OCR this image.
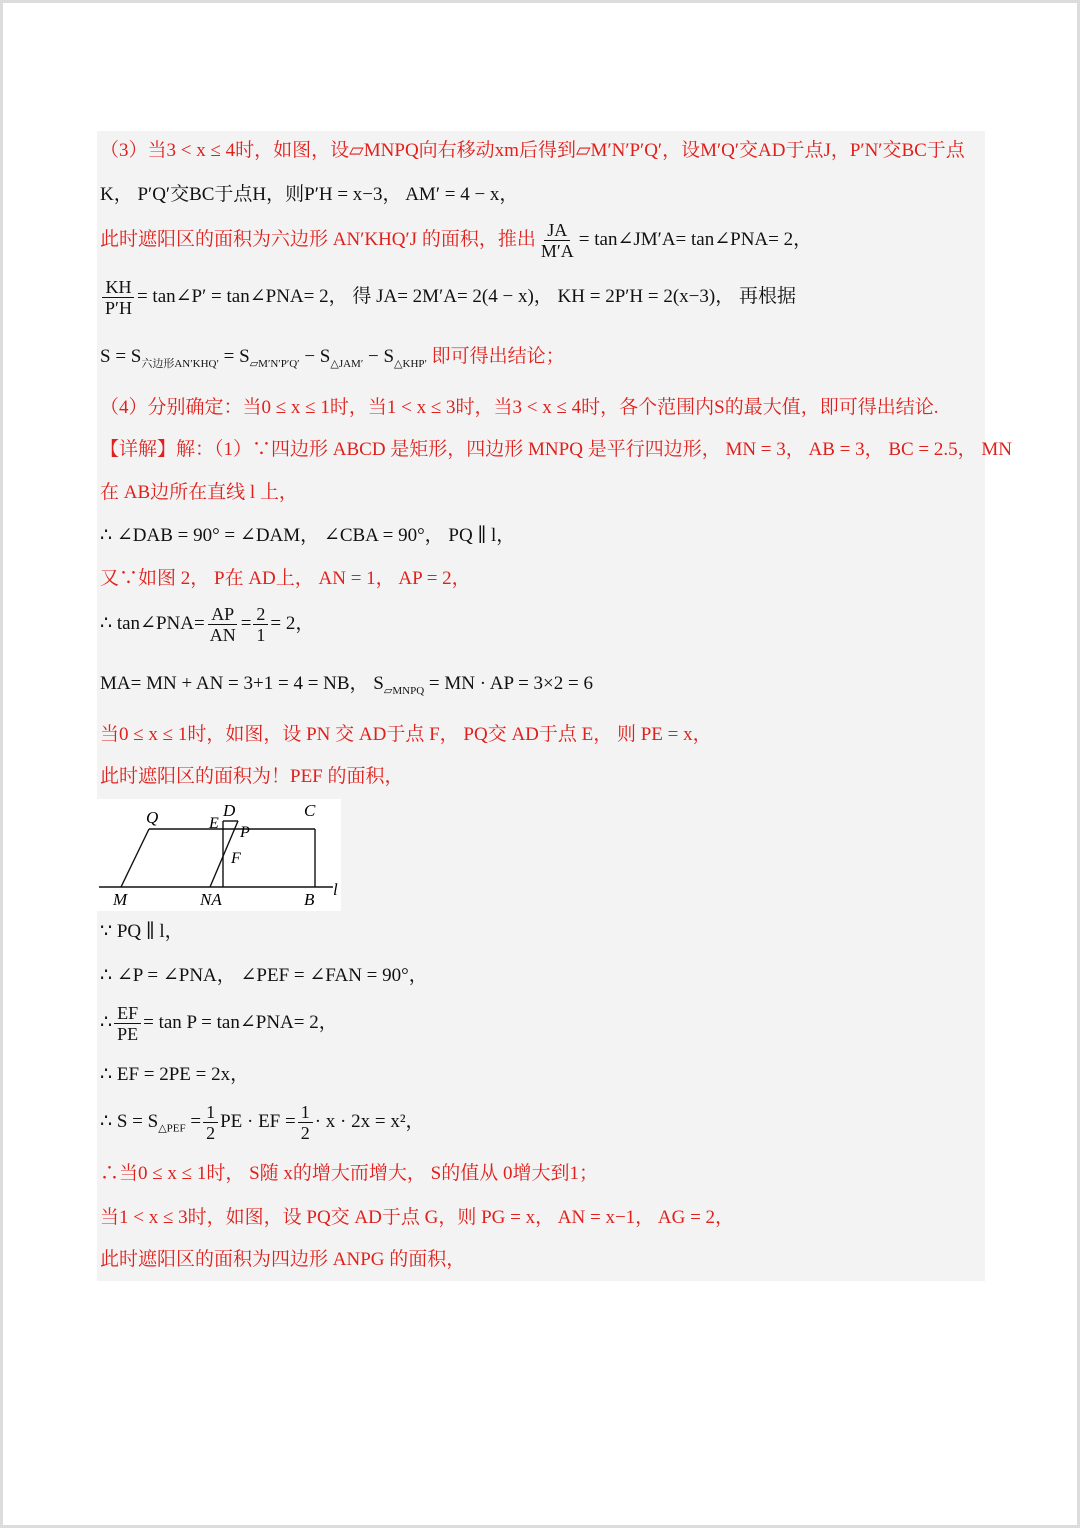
（3）当3 < x ≤ 4时，如图，设▱MNPQ向右移动xm后得到▱M′N′P′Q′，设M′Q′交AD于点J，P′N′交BC于点
K， P′Q′交BC于点H，则P′H = x−3， AM′ = 4 − x，
此时遮阳区的面积为六边形 AN′KHQ′J 的面积，推出 $\frac{JA}{M'A}$ = tan∠JM′A= tan∠PNA= 2，
$\frac{KH}{P'H}$ = tan∠P′ = tan∠PNA= 2， 得 JA= 2M′A= 2(4 − x)， KH = 2P′H = 2(x−3)， 再根据
$S = S_{六边形AN'KHQ'} = S_{▱M'N'P'Q'} - S_{\triangle JAM'} - S_{\triangle KHP'}$ 即可得出结论；
（4）分别确定：当0 ≤ x ≤ 1时，当1 < x ≤ 3时，当3 < x ≤ 4时，各个范围内S的最大值，即可得出结论.
【详解】解：（1）∵四边形 ABCD 是矩形，四边形 MNPQ 是平行四边形， MN = 3， AB = 3， BC = 2.5， MN
在 AB边所在直线 l 上，
∴ ∠DAB = 90° = ∠DAM， ∠CBA = 90°， PQ ∥ l，
又∵如图 2， P在 AD上， AN = 1， AP = 2，
∴ tan∠PNA= $\frac{AP}{AN} = \frac{2}{1} = 2$，
MA= MN + AN = 3+1 = 4 = NB， $S_{▱MNPQ}$ = MN · AP = 3×2 = 6
当0 ≤ x ≤ 1时，如图，设 PN 交 AD于点 F， PQ交 AD于点 E， 则 PE = x，
此时遮阳区的面积为！PEF 的面积，
Q	E
D	C
P
F
M	NA	B
l
∵ PQ ∥ l，
∴ ∠P = ∠PNA， ∠PEF = ∠FAN = 90°，
∴ $\frac{EF}{PE} = \tan P$ = tan∠PNA= 2，
∴ EF = 2PE = 2x，
∴ $S = S_{\triangle PEF} = \frac{1}{2}$ PE · EF = $\frac{1}{2} \cdot x \cdot 2x = x^2$，
∴当0 ≤ x ≤ 1时， S随 x的增大而增大， S的值从 0增大到1；
当1 < x ≤ 3时，如图，设 PQ交 AD于点 G，则 PG = x， AN = x−1， AG = 2，
此时遮阳区的面积为四边形 ANPG 的面积，
